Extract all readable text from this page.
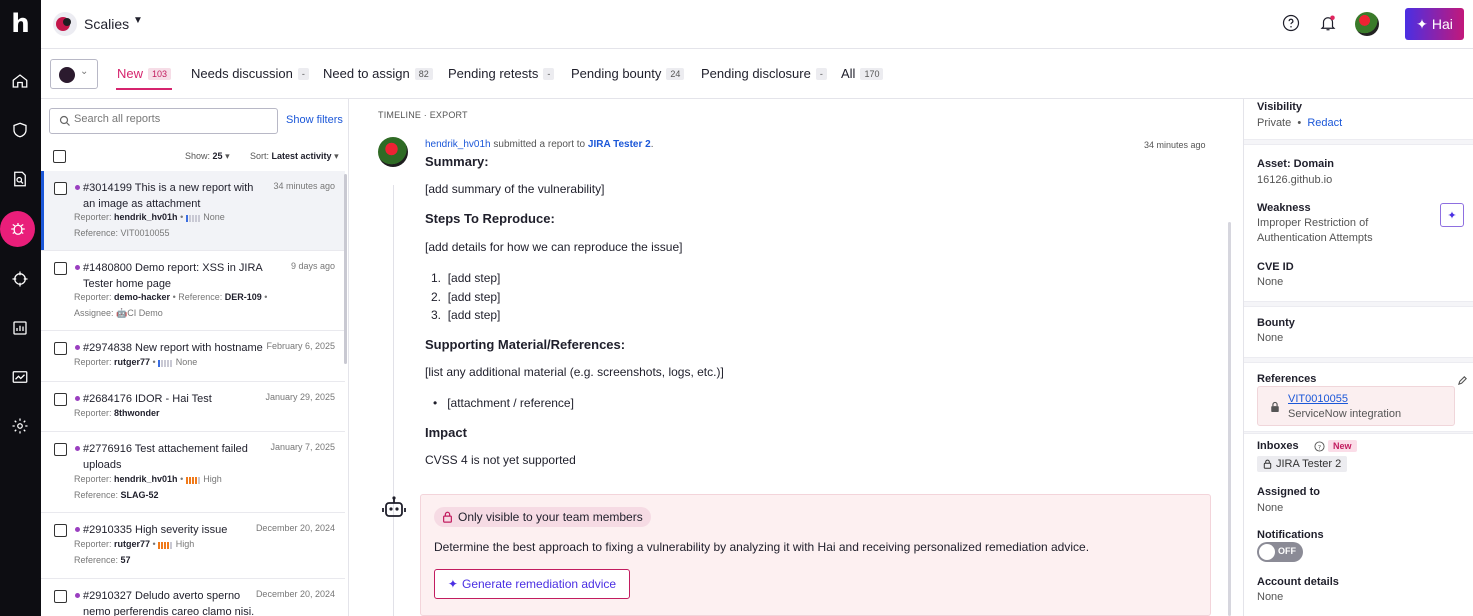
h	Scalies ▼	✦ Hai
⌄ New	103	Needs discussion	-	Need to assign	82	Pending retests	-	Pending bounty	24	Pending disclosure	-	All	170
Search all reports
Show filters
Show: 25 ▾ Sort: Latest activity ▾
#3014199 This is a new report with an image as attachment
34 minutes ago
Reporter: hendrik_hv01h •  None
Reference: VIT0010055
#1480800 Demo report: XSS in JIRA Tester home page
9 days ago
Reporter: demo-hacker • Reference: DER-109 •
Assignee: 🤖CI Demo
#2974838 New report with hostname February 6, 2025
Reporter: rutger77 •  None
#2684176 IDOR - Hai Test	January 29, 2025
Reporter: 8thwonder
#2776916 Test attachement failed uploads
January 7, 2025
Reporter: hendrik_hv01h •  High
Reference: SLAG-52
#2910335 High severity issue	December 20, 2024
Reporter: rutger77 •  High
Reference: 57
#2910327 Deludo averto sperno nemo perferendis careo clamo nisi.
December 20, 2024
TIMELINE · EXPORT
hendrik_hv01h submitted a report to JIRA Tester 2.	34 minutes ago
Summary:

[add summary of the vulnerability]

Steps To Reproduce:

[add details for how we can reproduce the issue]

1.  [add step]

2.  [add step]

3.  [add step]

Supporting Material/References:

[list any additional material (e.g. screenshots, logs, etc.)]

•   [attachment / reference]

Impact

CVSS 4 is not yet supported

Only visible to your team members
Determine the best approach to fixing a vulnerability by analyzing it with Hai and receiving personalized remediation advice.
✦ Generate remediation advice
Visibility
Private  •  Redact
Asset: Domain
16126.github.io
Weakness
Improper Restriction of
Authentication Attempts
✦
CVE ID
None
Bounty
None
References
VIT0010055
ServiceNow integration
Inboxes	?	New
JIRA Tester 2
Assigned to
None
Notifications
OFF
Account details
None
